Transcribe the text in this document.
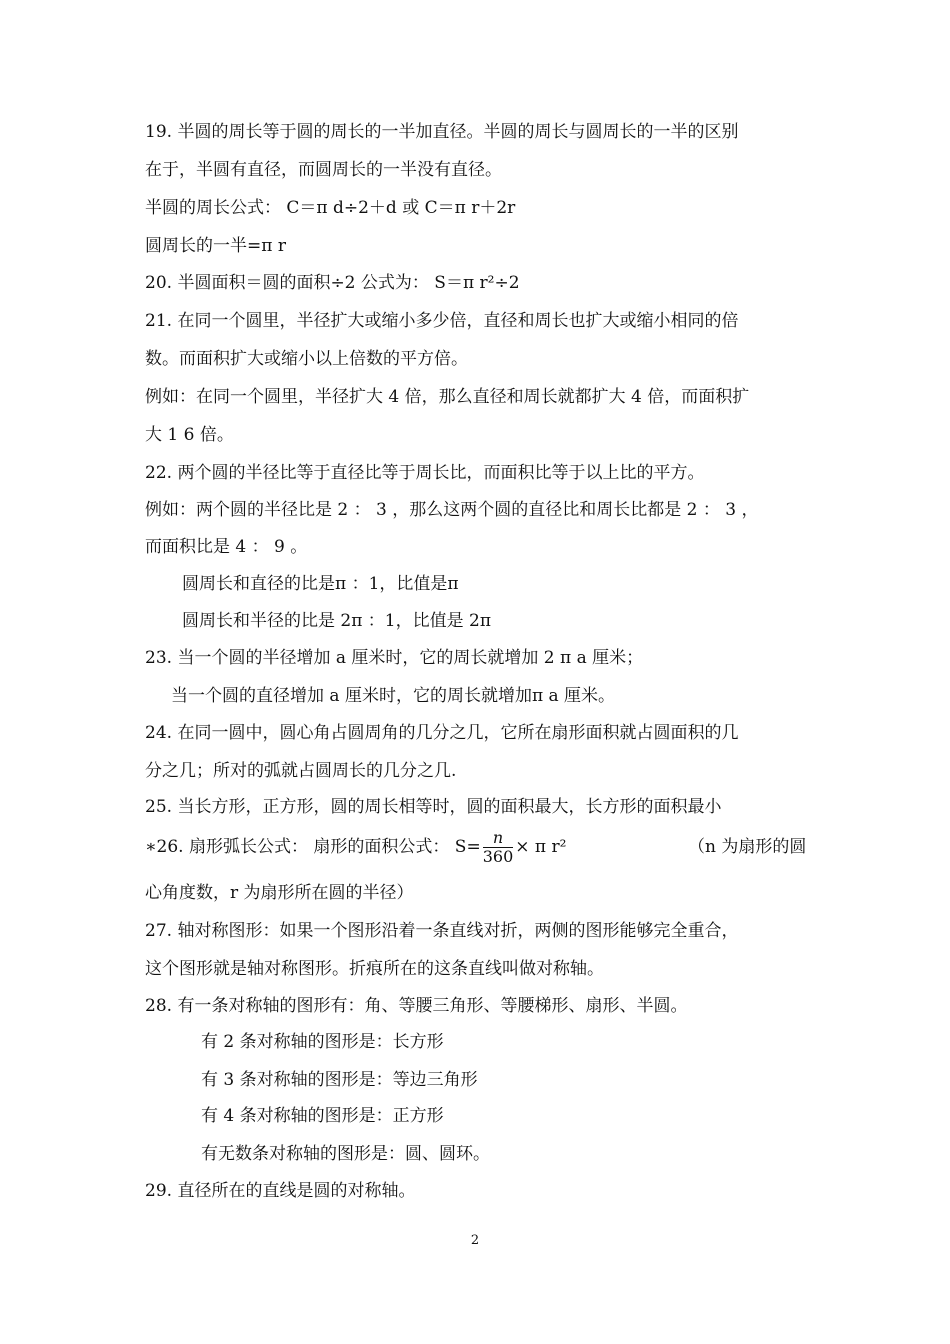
19. 半圆的周长等于圆的周长的一半加直径。半圆的周长与圆周长的一半的区别
在于，半圆有直径，而圆周长的一半没有直径。
半圆的周长公式： C＝π d÷2＋d 或 C＝π r＋2r
圆周长的一半=π r
20. 半圆面积＝圆的面积÷2 公式为： S＝π r²÷2
21. 在同一个圆里，半径扩大或缩小多少倍，直径和周长也扩大或缩小相同的倍
数。而面积扩大或缩小以上倍数的平方倍。
例如：在同一个圆里，半径扩大 4 倍，那么直径和周长就都扩大 4 倍，而面积扩
大 1 6 倍。
22. 两个圆的半径比等于直径比等于周长比，而面积比等于以上比的平方。
例如：两个圆的半径比是 2 ： 3 ，那么这两个圆的直径比和周长比都是 2 ： 3 ，
而面积比是 4 ： 9 。
圆周长和直径的比是π ：1，比值是π
圆周长和半径的比是 2π ：1，比值是 2π
23. 当一个圆的半径增加 a 厘米时，它的周长就增加 2 π a 厘米；
当一个圆的直径增加 a 厘米时，它的周长就增加π a 厘米。
24. 在同一圆中，圆心角占圆周角的几分之几，它所在扇形面积就占圆面积的几
分之几；所对的弧就占圆周长的几分之几.
25. 当长方形，正方形，圆的周长相等时，圆的面积最大，长方形的面积最小
∗26. 扇形弧长公式： 扇形的面积公式： $S= \frac{n}{360} \times \pi$ r²	（n 为扇形的圆
心角度数，r 为扇形所在圆的半径）
27. 轴对称图形：如果一个图形沿着一条直线对折，两侧的图形能够完全重合，
这个图形就是轴对称图形。折痕所在的这条直线叫做对称轴。
28. 有一条对称轴的图形有：角、等腰三角形、等腰梯形、扇形、半圆。
有 2 条对称轴的图形是：长方形
有 3 条对称轴的图形是：等边三角形
有 4 条对称轴的图形是：正方形
有无数条对称轴的图形是：圆、圆环。
29. 直径所在的直线是圆的对称轴。
2
